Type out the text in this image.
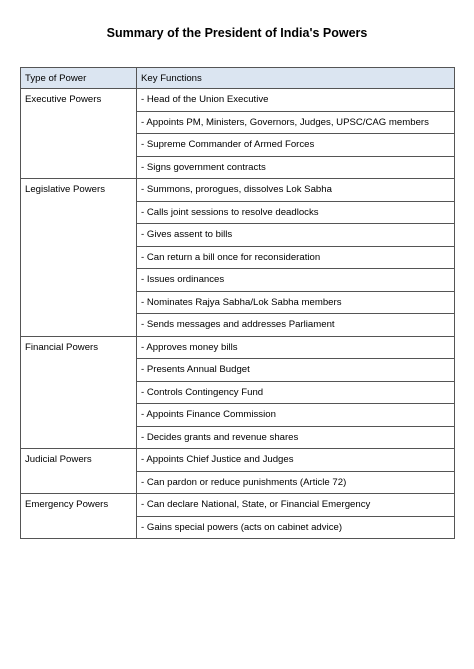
Summary of the President of India's Powers
Type of Power	Key Functions
Executive Powers	- Head of the Union Executive
	- Appoints PM, Ministers, Governors, Judges, UPSC/CAG members
	- Supreme Commander of Armed Forces
	- Signs government contracts
Legislative Powers	- Summons, prorogues, dissolves Lok Sabha
	- Calls joint sessions to resolve deadlocks
	- Gives assent to bills
	- Can return a bill once for reconsideration
	- Issues ordinances
	- Nominates Rajya Sabha/Lok Sabha members
	- Sends messages and addresses Parliament
Financial Powers	- Approves money bills
	- Presents Annual Budget
	- Controls Contingency Fund
	- Appoints Finance Commission
	- Decides grants and revenue shares
Judicial Powers	- Appoints Chief Justice and Judges
	- Can pardon or reduce punishments (Article 72)
Emergency Powers	- Can declare National, State, or Financial Emergency
	- Gains special powers (acts on cabinet advice)
